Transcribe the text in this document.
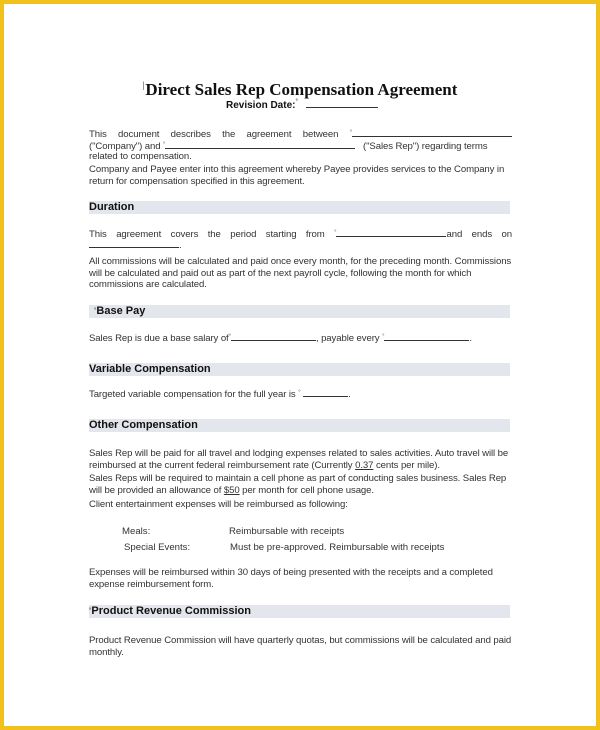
|Direct Sales Rep Compensation Agreement
Revision Date:°
This document describes the agreement between °
("Company") and °	("Sales Rep") regarding terms
related to compensation.
Company and Payee enter into this agreement whereby Payee provides services to the Company in return for compensation specified in this agreement.
Duration
This agreement covers the period starting from °	and ends on
.
All commissions will be calculated and paid once every month, for the preceding month. Commissions will be calculated and paid out as part of the next payroll cycle, following the month for which commissions are calculated.
°Base Pay
Sales Rep is due a base salary of°	, payable every °	.
Variable Compensation
Targeted variable compensation for the full year is °	.
Other Compensation
Sales Rep will be paid for all travel and lodging expenses related to sales activities. Auto travel will be reimbursed at the current federal reimbursement rate (Currently 0.37 cents per mile).
Sales Reps will be required to maintain a cell phone as part of conducting sales business. Sales Rep will be provided an allowance of $50 per month for cell phone usage.
Client entertainment expenses will be reimbursed as following:
Meals:	Reimbursable with receipts
Special Events:	Must be pre-approved. Reimbursable with receipts
Expenses will be reimbursed within 30 days of being presented with the receipts and a completed expense reimbursement form.
°Product Revenue Commission
Product Revenue Commission will have quarterly quotas, but commissions will be calculated and paid monthly.
